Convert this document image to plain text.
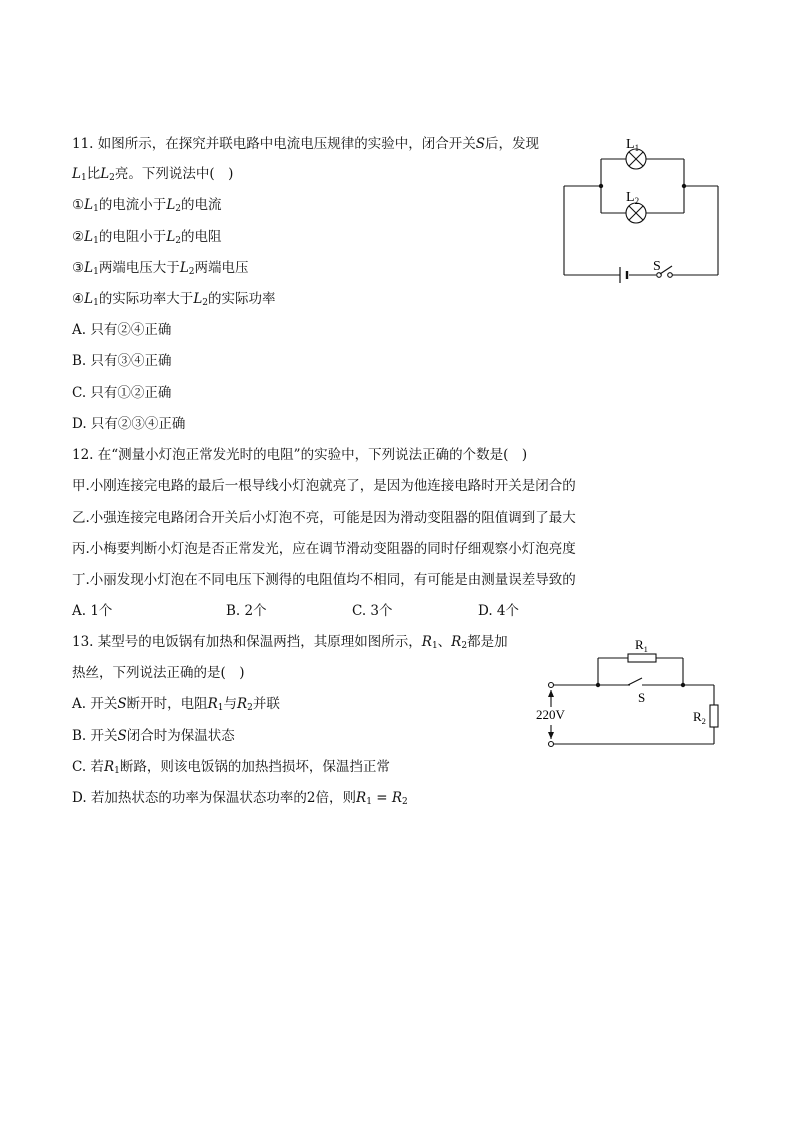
11. 如图所示，在探究并联电路中电流电压规律的实验中，闭合开关S后，发现
$L_1$比$L_2$亮。下列说法中(　)
$①L_1$的电流小于$L_2$的电流
$②L_1$的电阻小于$L_2$的电阻
$③L_1$两端电压大于$L_2$两端电压
$④L_1$的实际功率大于$L_2$的实际功率
A. 只有②④正确
B. 只有③④正确
C. 只有①②正确
D. 只有②③④正确
$L_1$
$L_2$
S
12. 在“测量小灯泡正常发光时的电阻”的实验中，下列说法正确的个数是(　)
甲.小刚连接完电路的最后一根导线小灯泡就亮了，是因为他连接电路时开关是闭合的
乙.小强连接完电路闭合开关后小灯泡不亮，可能是因为滑动变阻器的阻值调到了最大
丙.小梅要判断小灯泡是否正常发光，应在调节滑动变阻器的同时仔细观察小灯泡亮度
丁.小丽发现小灯泡在不同电压下测得的电阻值均不相同，有可能是由测量误差导致的
A. 1个	B. 2个	C. 3个	D. 4个
13. 某型号的电饭锅有加热和保温两挡，其原理如图所示，$R_1$、$R_2$都是加
热丝，下列说法正确的是(　)
A. 开关S断开时，电阻$R_1$与$R_2$并联
B. 开关S闭合时为保温状态
C. 若$R_1$断路，则该电饭锅的加热挡损坏，保温挡正常
D. 若加热状态的功率为保温状态功率的2倍，则$R_1 = R_2$
$R_1$
$R_2$
S
220V
